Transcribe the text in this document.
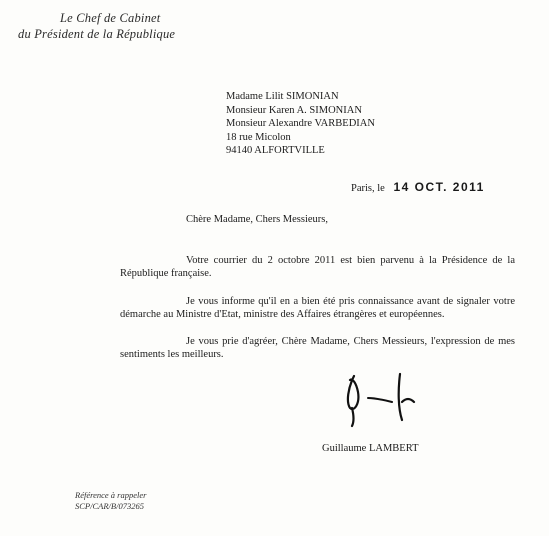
Le Chef de Cabinet
du Président de la République
Madame Lilit SIMONIAN
Monsieur Karen A. SIMONIAN
Monsieur Alexandre VARBEDIAN
18 rue Micolon
94140 ALFORTVILLE
Paris, le 14 OCT. 2011
Chère Madame, Chers Messieurs,
Votre courrier du 2 octobre 2011 est bien parvenu à la Présidence de la République française.
Je vous informe qu'il en a bien été pris connaissance avant de signaler votre démarche au Ministre d'Etat, ministre des Affaires étrangères et européennes.
Je vous prie d'agréer, Chère Madame, Chers Messieurs, l'expression de mes sentiments les meilleurs.
Guillaume LAMBERT
Référence à rappeler
SCP/CAR/B/073265
